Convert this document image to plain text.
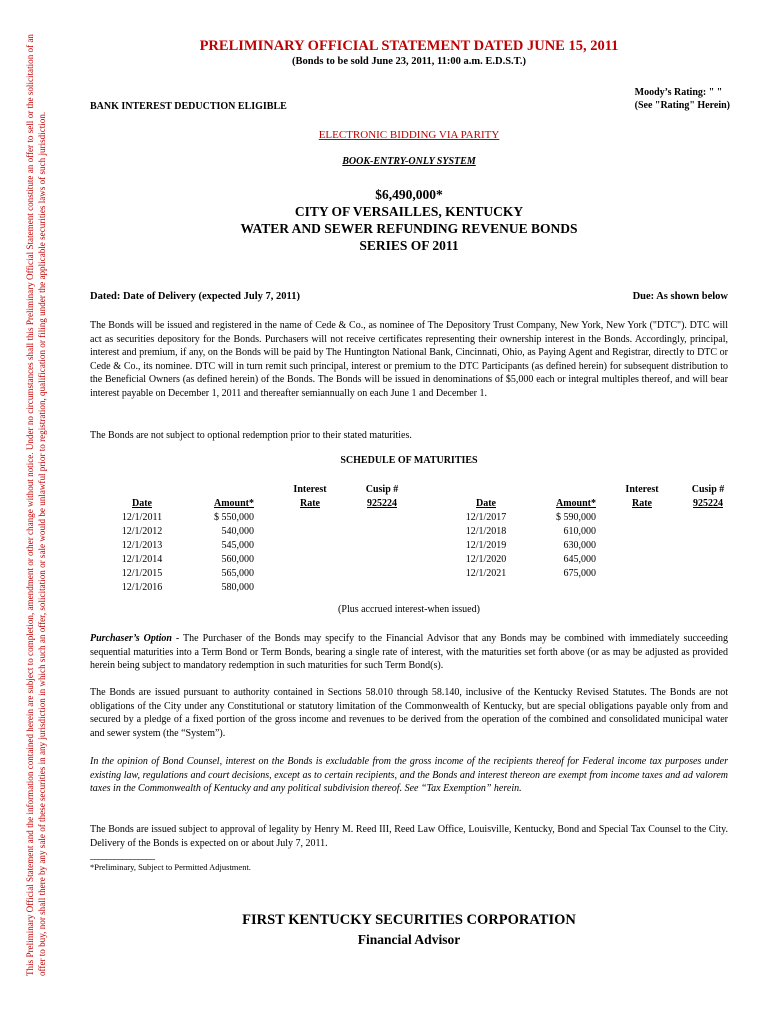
This Preliminary Official Statement and the information contained herein are subject to completion, amendment or other change without notice. Under no circumstances shall this Preliminary Official Statement constitute an offer to sell or the solicitation of an offer to buy, nor shall there by any sale of these securities in any jurisdiction in which such an offer, solicitation or sale would be unlawful prior to registration, qualification or filing under the applicable securities laws of such jurisdiction.
PRELIMINARY OFFICIAL STATEMENT DATED JUNE 15, 2011
(Bonds to be sold June 23, 2011, 11:00 a.m. E.D.S.T.)
Moody’s Rating: " "
(See "Rating" Herein)
BANK INTEREST DEDUCTION ELIGIBLE
ELECTRONIC BIDDING VIA PARITY
BOOK-ENTRY-ONLY SYSTEM
$6,490,000*
CITY OF VERSAILLES, KENTUCKY
WATER AND SEWER REFUNDING REVENUE BONDS
SERIES OF 2011
Dated: Date of Delivery (expected July 7, 2011)	Due: As shown below
The Bonds will be issued and registered in the name of Cede & Co., as nominee of The Depository Trust Company, New York, New York ("DTC"). DTC will act as securities depository for the Bonds. Purchasers will not receive certificates representing their ownership interest in the Bonds. Accordingly, principal, interest and premium, if any, on the Bonds will be paid by The Huntington National Bank, Cincinnati, Ohio, as Paying Agent and Registrar, directly to DTC or Cede & Co., its nominee. DTC will in turn remit such principal, interest or premium to the DTC Participants (as defined herein) for subsequent distribution to the Beneficial Owners (as defined herein) of the Bonds. The Bonds will be issued in denominations of $5,000 each or integral multiples thereof, and will bear interest payable on December 1, 2011 and thereafter semiannually on each June 1 and December 1.
The Bonds are not subject to optional redemption prior to their stated maturities.
SCHEDULE OF MATURITIES
Date
12/1/2011
12/1/2012
12/1/2013
12/1/2014
12/1/2015
12/1/2016
Amount*
$ 550,000
540,000
545,000
560,000
565,000
580,000
Interest
Rate
Cusip #
925224	Date
12/1/2017
12/1/2018
12/1/2019
12/1/2020
12/1/2021
Amount*
$ 590,000
610,000
630,000
645,000
675,000
Interest
Rate
Cusip #
925224
(Plus accrued interest-when issued)
Purchaser’s Option - The Purchaser of the Bonds may specify to the Financial Advisor that any Bonds may be combined with immediately succeeding sequential maturities into a Term Bond or Term Bonds, bearing a single rate of interest, with the maturities set forth above (or as may be adjusted as provided herein being subject to mandatory redemption in such maturities for such Term Bond(s).
The Bonds are issued pursuant to authority contained in Sections 58.010 through 58.140, inclusive of the Kentucky Revised Statutes. The Bonds are not obligations of the City under any Constitutional or statutory limitation of the Commonwealth of Kentucky, but are special obligations payable only from and secured by a pledge of a fixed portion of the gross income and revenues to be derived from the operation of the combined and consolidated municipal water and sewer system (the “System”).
In the opinion of Bond Counsel, interest on the Bonds is excludable from the gross income of the recipients thereof for Federal income tax purposes under existing law, regulations and court decisions, except as to certain recipients, and the Bonds and interest thereon are exempt from income taxes and ad valorem taxes in the Commonwealth of Kentucky and any political subdivision thereof. See “Tax Exemption” herein.
The Bonds are issued subject to approval of legality by Henry M. Reed III, Reed Law Office, Louisville, Kentucky, Bond and Special Tax Counsel to the City. Delivery of the Bonds is expected on or about July 7, 2011.
________________
*Preliminary, Subject to Permitted Adjustment.
FIRST KENTUCKY SECURITIES CORPORATION
Financial Advisor
